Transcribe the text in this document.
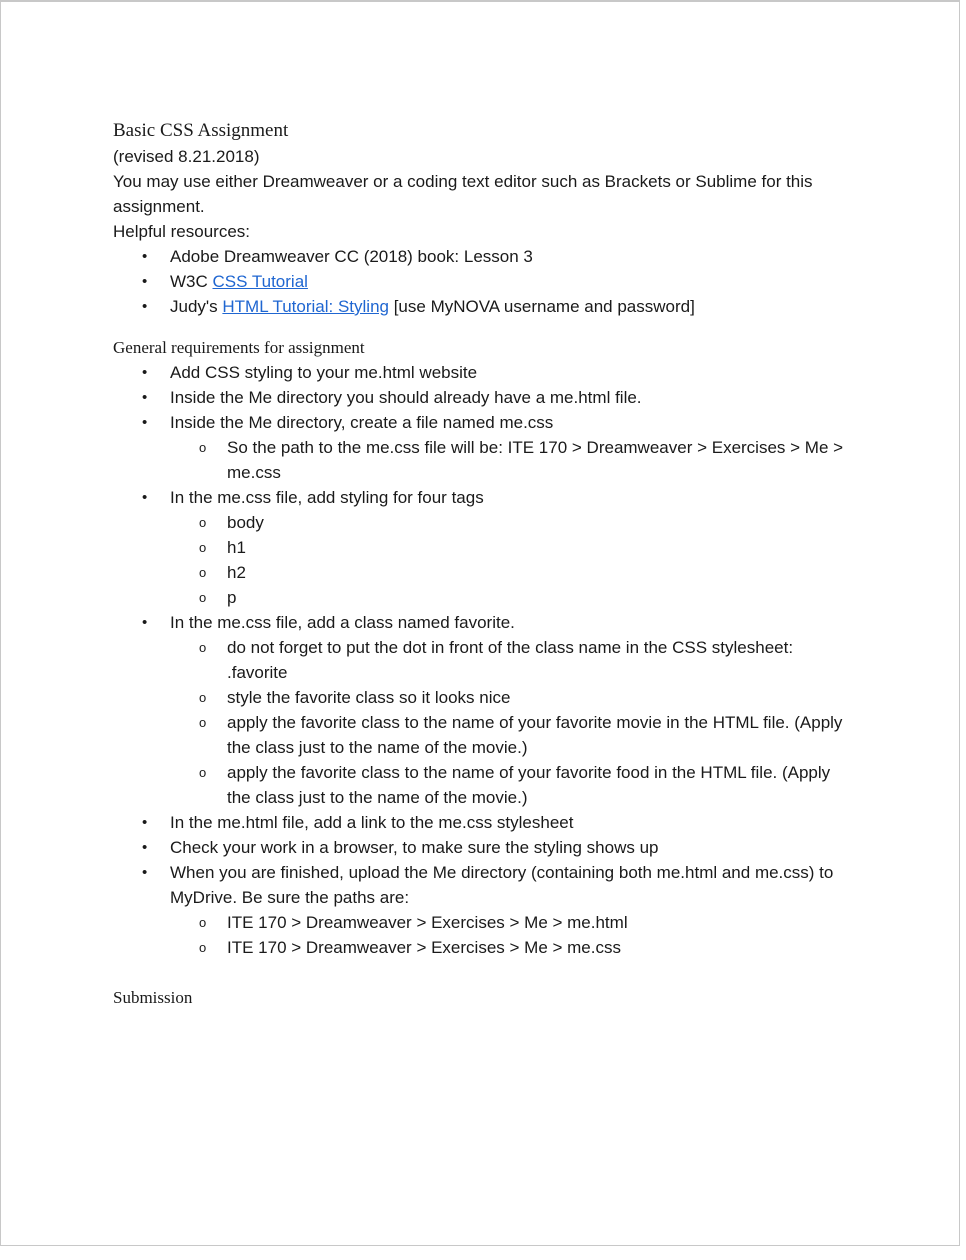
Basic CSS Assignment

(revised 8.21.2018)

You may use either Dreamweaver or a coding text editor such as Brackets or Sublime for this assignment.

Helpful resources:

• Adobe Dreamweaver CC (2018) book: Lesson 3
• W3C CSS Tutorial
• Judy's HTML Tutorial: Styling [use MyNOVA username and password]
General requirements for assignment
• Add CSS styling to your me.html website
• Inside the Me directory you should already have a me.html file.
• Inside the Me directory, create a file named me.css
o So the path to the me.css file will be: ITE 170 > Dreamweaver > Exercises > Me > me.css
• In the me.css file, add styling for four tags
o body
o h1
o h2
o p
• In the me.css file, add a class named favorite.
o do not forget to put the dot in front of the class name in the CSS stylesheet: .favorite
o style the favorite class so it looks nice
o apply the favorite class to the name of your favorite movie in the HTML file. (Apply the class just to the name of the movie.)
o apply the favorite class to the name of your favorite food in the HTML file. (Apply the class just to the name of the movie.)
• In the me.html file, add a link to the me.css stylesheet
• Check your work in a browser, to make sure the styling shows up
• When you are finished, upload the Me directory (containing both me.html and me.css) to MyDrive. Be sure the paths are:
o ITE 170 > Dreamweaver > Exercises > Me > me.html
o ITE 170 > Dreamweaver > Exercises > Me > me.css
Submission
